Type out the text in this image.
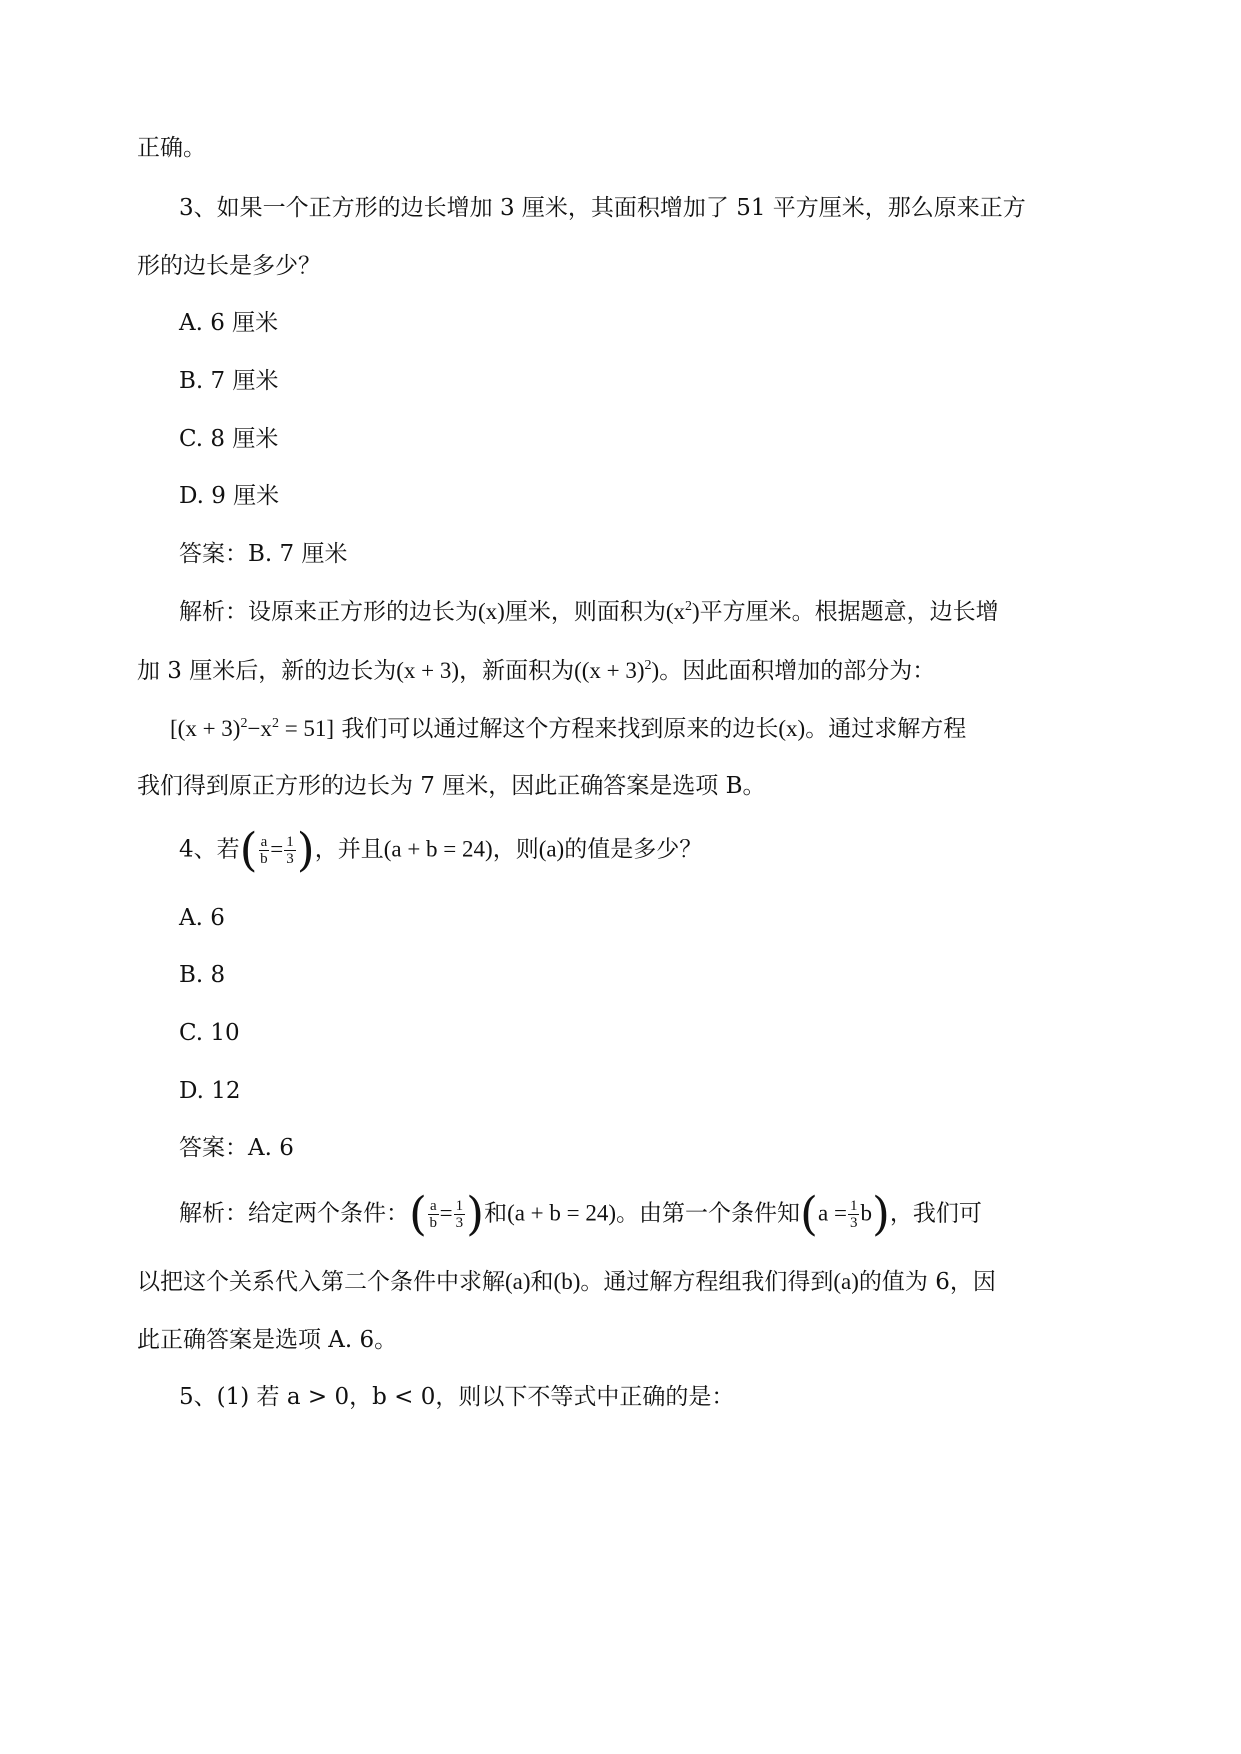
正确。
3、如果一个正方形的边长增加 3 厘米，其面积增加了 51 平方厘米，那么原来正方
形的边长是多少？
A. 6 厘米
B. 7 厘米
C. 8 厘米
D. 9 厘米
答案：B. 7 厘米
解析：设原来正方形的边长为(x)厘米，则面积为$(x^2)$平方厘米。根据题意，边长增
加 3 厘米后，新的边长为(x + 3)，新面积为$((x + 3)^2)$。因此面积增加的部分为：
$[(x + 3)^2-x^2 = 51]$ 我们可以通过解这个方程来找到原来的边长(x)。通过求解方程
我们得到原正方形的边长为 7 厘米，因此正确答案是选项 B。
4、若( $\frac{a}{b} = \frac{1}{3}$ )，并且(a + b = 24)，则(a)的值是多少？
A. 6
B. 8
C. 10
D. 12
答案：A. 6
解析：给定两个条件：( $\frac{a}{b} = \frac{1}{3}$ )和(a + b = 24)。由第一个条件知$(a = \frac{1}{3} b)$，我们可
以把这个关系代入第二个条件中求解(a)和(b)。通过解方程组我们得到(a)的值为 6，因
此正确答案是选项 A. 6。
5、(1) 若 a > 0，b < 0，则以下不等式中正确的是：
